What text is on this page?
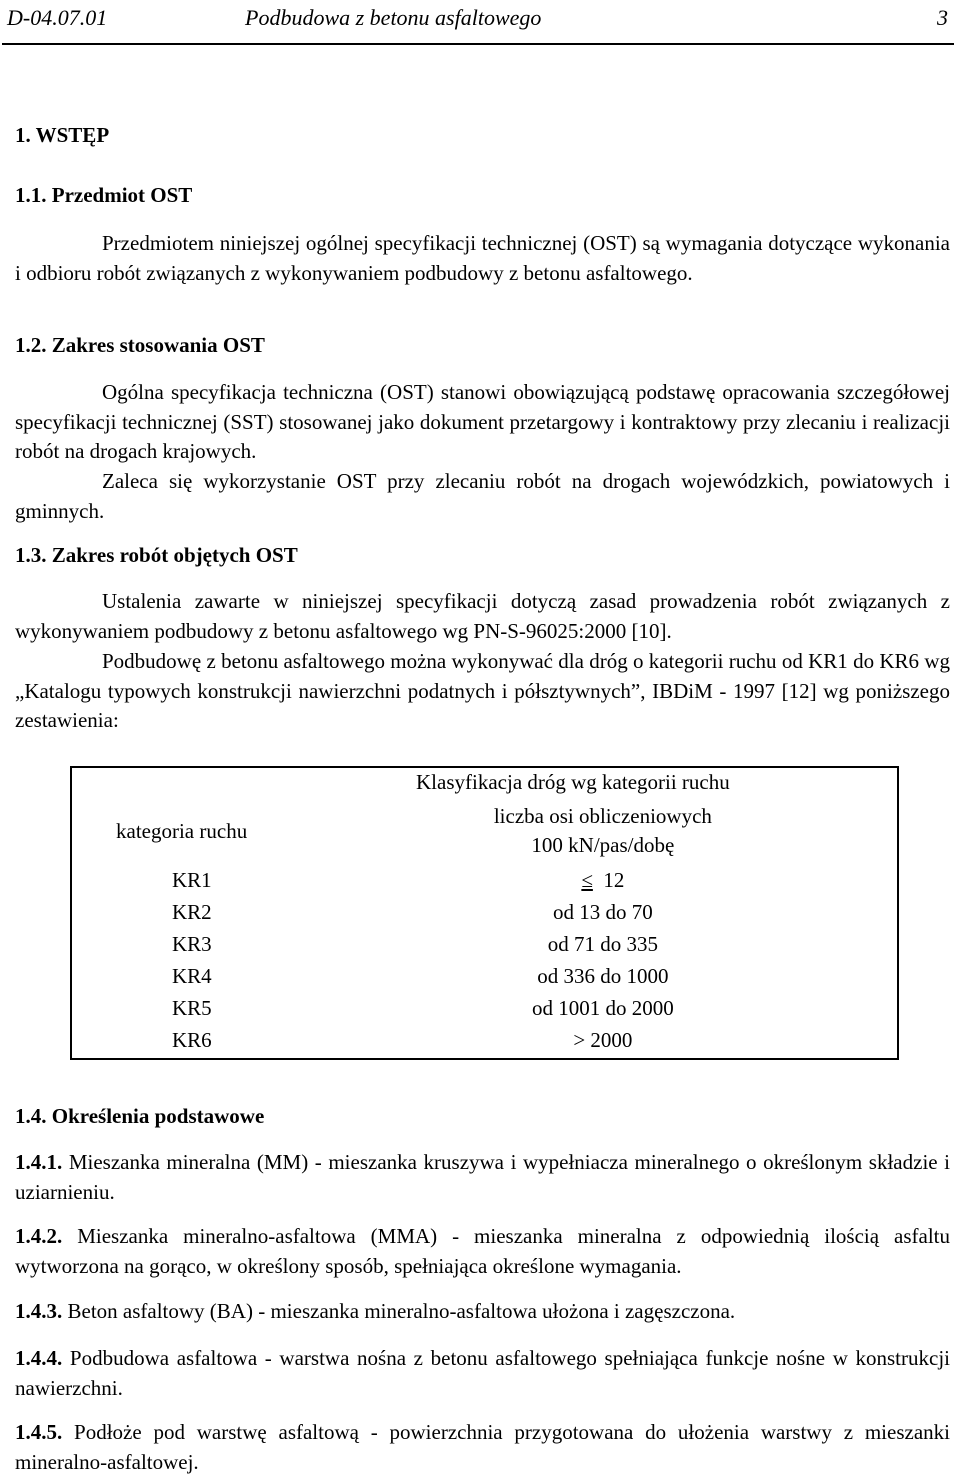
D-04.07.01	Podbudowa z betonu asfaltowego	3
1. WSTĘP
1.1. Przedmiot OST

Przedmiotem niniejszej ogólnej specyfikacji technicznej (OST) są wymagania dotyczące wykonania i odbioru robót związanych z wykonywaniem podbudowy z betonu asfaltowego.

1.2. Zakres stosowania OST

Ogólna specyfikacja techniczna (OST) stanowi obowiązującą podstawę opracowania szczegółowej specyfikacji technicznej (SST) stosowanej jako dokument przetargowy i kontraktowy przy zlecaniu i realizacji robót na drogach krajowych.

Zaleca się wykorzystanie OST przy zlecaniu robót na drogach wojewódzkich, powiatowych i gminnych.

1.3. Zakres robót objętych OST

Ustalenia zawarte w niniejszej specyfikacji dotyczą zasad prowadzenia robót związanych z wykonywaniem podbudowy z betonu asfaltowego wg PN-S-96025:2000 [10].

Podbudowę z betonu asfaltowego można wykonywać dla dróg o kategorii ruchu od KR1 do KR6 wg „Katalogu typowych konstrukcji nawierzchni podatnych i półsztywnych”, IBDiM - 1997 [12] wg poniższego zestawienia:

	Klasyfikacja dróg wg kategorii ruchu
kategoria ruchu	liczba osi obliczeniowych
100 kN/pas/dobę

KR1	≤ 12
KR2	od 13 do 70
KR3	od 71 do 335
KR4	od 336 do 1000
KR5	od 1001 do 2000
KR6	> 2000
1.4. Określenia podstawowe

1.4.1. Mieszanka mineralna (MM) - mieszanka kruszywa i wypełniacza mineralnego o określonym składzie i uziarnieniu.

1.4.2. Mieszanka mineralno-asfaltowa (MMA) - mieszanka mineralna z odpowiednią ilością asfaltu wytworzona na gorąco, w określony sposób, spełniająca określone wymagania.

1.4.3. Beton asfaltowy (BA) - mieszanka mineralno-asfaltowa ułożona i zagęszczona.

1.4.4. Podbudowa asfaltowa - warstwa nośna z betonu asfaltowego spełniająca funkcje nośne w konstrukcji nawierzchni.

1.4.5. Podłoże pod warstwę asfaltową - powierzchnia przygotowana do ułożenia warstwy z mieszanki mineralno-asfaltowej.
